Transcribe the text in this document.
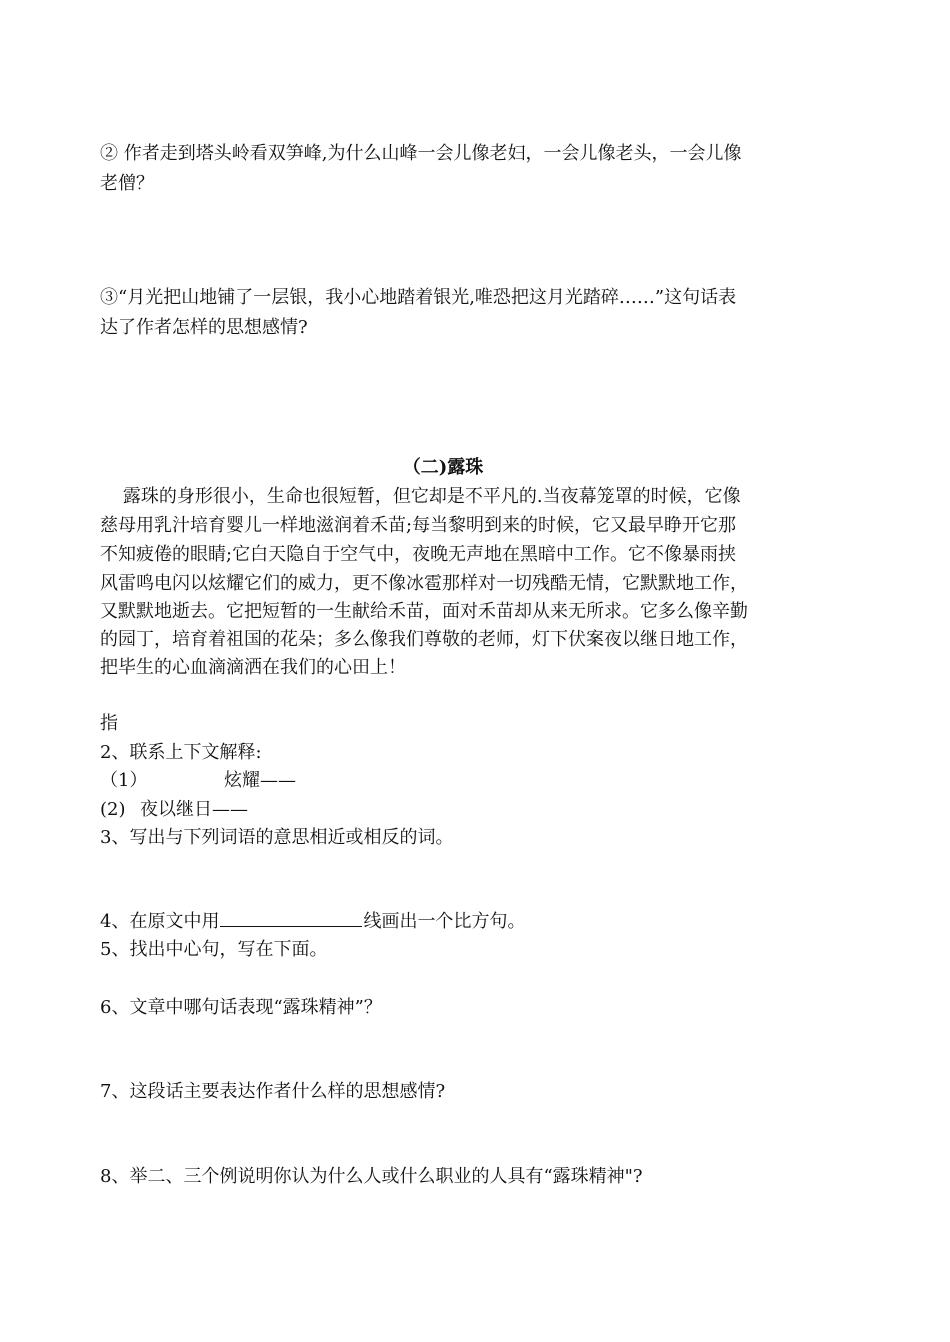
② 作者走到塔头岭看双笋峰,为什么山峰一会儿像老妇，一会儿像老头，一会儿像
老僧？
③“月光把山地铺了一层银，我小心地踏着银光,唯恐把这月光踏碎……”这句话表
达了作者怎样的思想感情?
（二)露珠
露珠的身形很小，生命也很短暂，但它却是不平凡的.当夜幕笼罩的时候，它像
慈母用乳汁培育婴儿一样地滋润着禾苗;每当黎明到来的时候，它又最早睁开它那
不知疲倦的眼睛;它白天隐自于空气中，夜晚无声地在黑暗中工作。它不像暴雨挟
风雷鸣电闪以炫耀它们的威力，更不像冰雹那样对一切残酷无情，它默默地工作，
又默默地逝去。它把短暂的一生献给禾苗，面对禾苗却从来无所求。它多么像辛勤
的园丁，培育着祖国的花朵；多么像我们尊敬的老师，灯下伏案夜以继日地工作，
把毕生的心血滴滴洒在我们的心田上！
指
2、联系上下文解释:
（1）	炫耀——
(2) 夜以继日——
3、写出与下列词语的意思相近或相反的词。
4、在原文中用	线画出一个比方句。
5、找出中心句，写在下面。
6、文章中哪句话表现“露珠精神”？
7、这段话主要表达作者什么样的思想感情?
8、举二、三个例说明你认为什么人或什么职业的人具有“露珠精神"?
